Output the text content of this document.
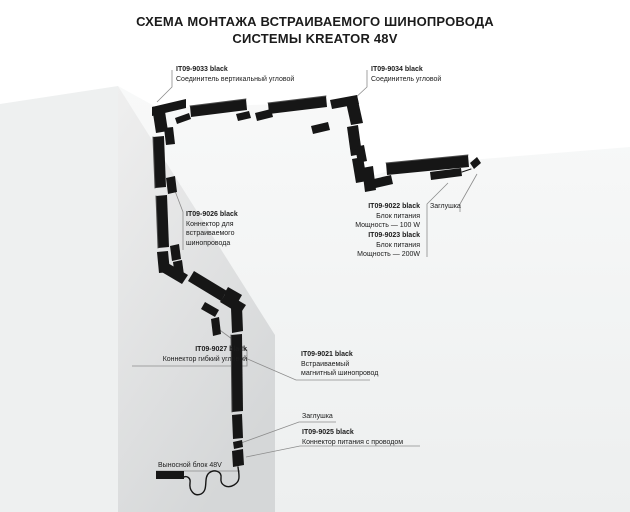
СХЕМА МОНТАЖА ВСТРАИВАЕМОГО ШИНОПРОВОДА
СИСТЕМЫ KREATOR 48V
IT09-9033 black
Соединитель вертикальный угловой
IT09-9034 black
Соединитель угловой
IT09-9022 black
Блок питания
Мощность — 100 W
IT09-9023 black
Блок питания
Мощность — 200W
Заглушка
IT09-9026 black
Коннектор для
встраиваемого
шинопровода
IT09-9027 black
Коннектор гибкий угловой
IT09-9021 black
Встраиваемый
магнитный шинопровод
Заглушка
IT09-9025 black
Коннектор питания с проводом
Выносной блок 48V
